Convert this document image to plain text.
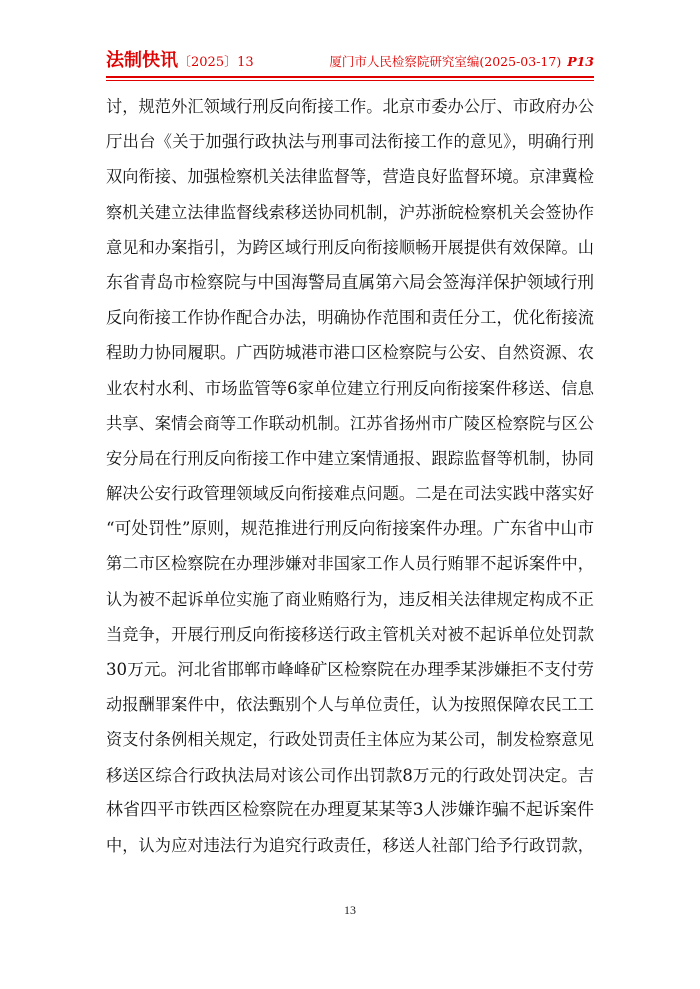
法制快讯〔2025〕13	厦门市人民检察院研究室编(2025-03-17) P13
讨，规范外汇领域行刑反向衔接工作。北京市委办公厅、市政府办公
厅出台《关于加强行政执法与刑事司法衔接工作的意见》，明确行刑
双向衔接、加强检察机关法律监督等，营造良好监督环境。京津冀检
察机关建立法律监督线索移送协同机制，沪苏浙皖检察机关会签协作
意见和办案指引，为跨区域行刑反向衔接顺畅开展提供有效保障。山
东省青岛市检察院与中国海警局直属第六局会签海洋保护领域行刑
反向衔接工作协作配合办法，明确协作范围和责任分工，优化衔接流
程助力协同履职。广西防城港市港口区检察院与公安、自然资源、农
业农村水利、市场监管等6家单位建立行刑反向衔接案件移送、信息
共享、案情会商等工作联动机制。江苏省扬州市广陵区检察院与区公
安分局在行刑反向衔接工作中建立案情通报、跟踪监督等机制，协同
解决公安行政管理领域反向衔接难点问题。二是在司法实践中落实好
“可处罚性”原则，规范推进行刑反向衔接案件办理。广东省中山市
第二市区检察院在办理涉嫌对非国家工作人员行贿罪不起诉案件中，
认为被不起诉单位实施了商业贿赂行为，违反相关法律规定构成不正
当竞争，开展行刑反向衔接移送行政主管机关对被不起诉单位处罚款
30万元。河北省邯郸市峰峰矿区检察院在办理季某涉嫌拒不支付劳
动报酬罪案件中，依法甄别个人与单位责任，认为按照保障农民工工
资支付条例相关规定，行政处罚责任主体应为某公司，制发检察意见
移送区综合行政执法局对该公司作出罚款8万元的行政处罚决定。吉
林省四平市铁西区检察院在办理夏某某等3人涉嫌诈骗不起诉案件
中，认为应对违法行为追究行政责任，移送人社部门给予行政罚款，
13
